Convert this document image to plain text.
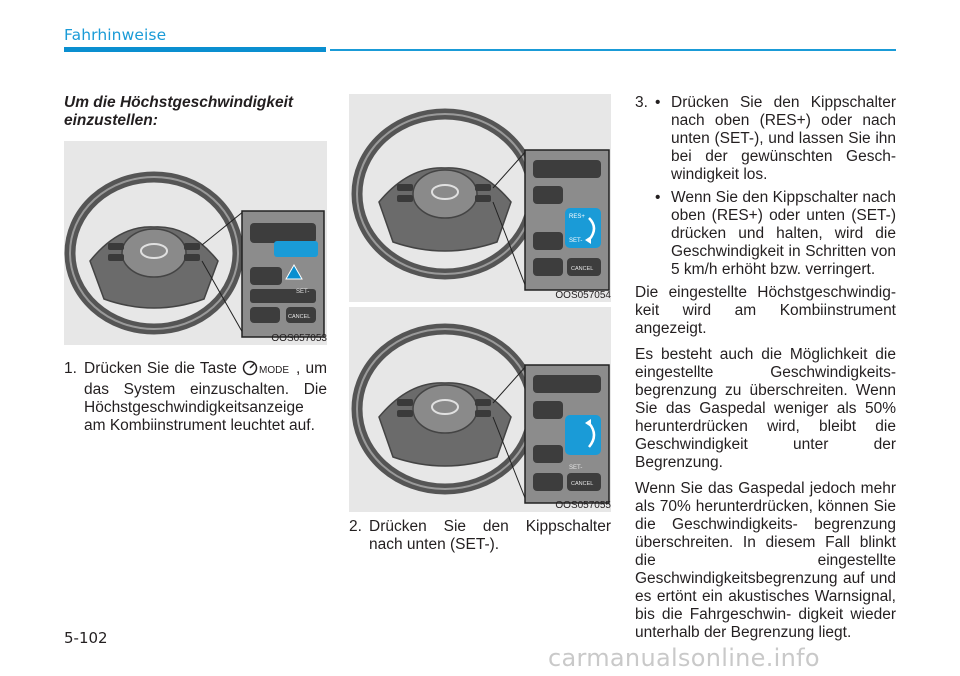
Fahrhinweise
Um die Höchstgeschwindigkeit einzustellen:
SET-
CANCEL
OOS057053
1. Drücken Sie die Taste MODE , um das System einzuschalten. Die Höchstgeschwindigkeitsanzeige am Kombiinstrument leuchtet auf.
RES+
SET-
CANCEL
OOS057054
SET-
CANCEL
OOS057055
2. Drücken Sie den Kippschalter nach unten (SET-).
3. • Drücken Sie den Kippschalter nach oben (RES+) oder nach unten (SET-), und lassen Sie ihn bei der gewünschten Gesch- windigkeit los.
• Wenn Sie den Kippschalter nach oben (RES+) oder unten (SET-) drücken und halten, wird die Geschwindigkeit in Schritten von 5 km/h erhöht bzw. verringert.

Die eingestellte Höchstgeschwindig- keit wird am Kombiinstrument angezeigt.

Es besteht auch die Möglichkeit die eingestellte Geschwindigkeits- begrenzung zu überschreiten. Wenn Sie das Gaspedal weniger als 50% herunterdrücken wird, bleibt die Geschwindigkeit unter der Begrenzung.

Wenn Sie das Gaspedal jedoch mehr als 70% herunterdrücken, können Sie die Geschwindigkeits- begrenzung überschreiten. In diesem Fall blinkt die eingestellte Geschwindigkeitsbegrenzung auf und es ertönt ein akustisches Warnsignal, bis die Fahrgeschwin- digkeit wieder unterhalb der Begrenzung liegt.

5-102
carmanualsonline.info
